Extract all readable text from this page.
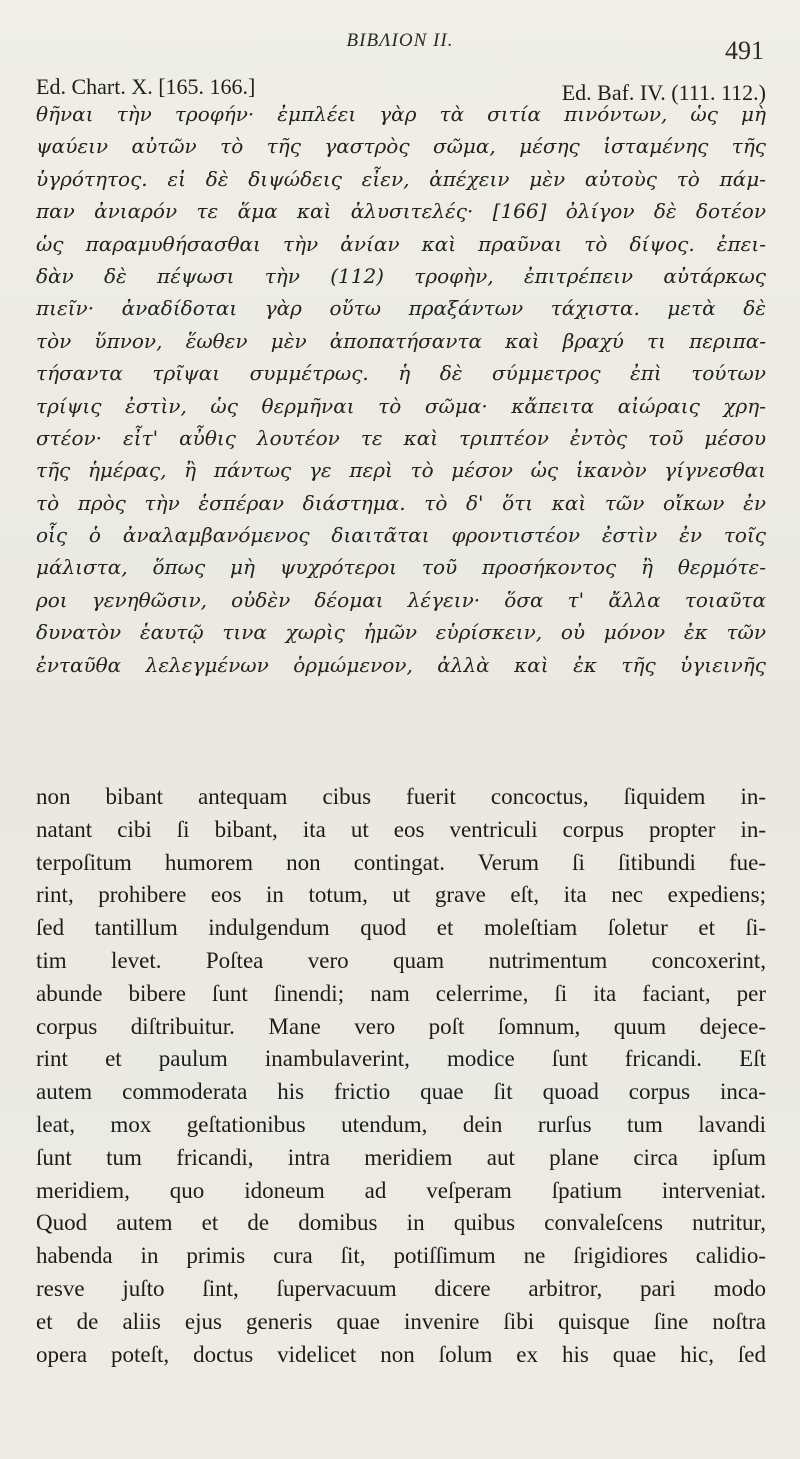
BIBΛΙΟΝ II.	491
Ed. Chart. X. [165. 166.]	Ed. Baf. IV. (111. 112.)
θῆναι τὴν τροφήν· ἐμπλέει γὰρ τὰ σιτία πινόντων, ὡς μὴ
ψαύειν αὐτῶν τὸ τῆς γαστρὸς σῶμα, μέσης ἱσταμένης τῆς
ὑγρότητος. εἰ δὲ διψώδεις εἶεν, ἀπέχειν μὲν αὐτοὺς τὸ πάμ-
παν ἀνιαρόν τε ἅμα καὶ ἀλυσιτελές· [166] ὀλίγον δὲ δοτέον
ὡς παραμυθήσασθαι τὴν ἀνίαν καὶ πραῦναι τὸ δίψος. ἐπει-
δὰν δὲ πέψωσι τὴν (112) τροφὴν, ἐπιτρέπειν αὐτάρκως
πιεῖν· ἀναδίδοται γὰρ οὕτω πραξάντων τάχιστα. μετὰ δὲ
τὸν ὕπνον, ἕωθεν μὲν ἀποπατήσαντα καὶ βραχύ τι περιπα-
τήσαντα τρῖψαι συμμέτρως. ἡ δὲ σύμμετρος ἐπὶ τούτων
τρίψις ἐστὶν, ὡς θερμῆναι τὸ σῶμα· κἄπειτα αἰώραις χρη-
στέον· εἶτ' αὖθις λουτέον τε καὶ τριπτέον ἐντὸς τοῦ μέσου
τῆς ἡμέρας, ἢ πάντως γε περὶ τὸ μέσον ὡς ἱκανὸν γίγνεσθαι
τὸ πρὸς τὴν ἑσπέραν διάστημα. τὸ δ' ὅτι καὶ τῶν οἴκων ἐν
οἷς ὁ ἀναλαμβανόμενος διαιτᾶται φροντιστέον ἐστὶν ἐν τοῖς
μάλιστα, ὅπως μὴ ψυχρότεροι τοῦ προσήκοντος ἢ θερμότε-
ροι γενηθῶσιν, οὐδὲν δέομαι λέγειν· ὅσα τ' ἄλλα τοιαῦτα
δυνατὸν ἑαυτῷ τινα χωρὶς ἡμῶν εὑρίσκειν, οὐ μόνον ἐκ τῶν
ἐνταῦθα λελεγμένων ὁρμώμενον, ἀλλὰ καὶ ἐκ τῆς ὑγιεινῆς
non bibant antequam cibus fuerit concoctus, ſiquidem in-
natant cibi ſi bibant, ita ut eos ventriculi corpus propter in-
terpoſitum humorem non contingat. Verum ſi ſitibundi fue-
rint, prohibere eos in totum, ut grave eſt, ita nec expediens;
ſed tantillum indulgendum quod et moleſtiam ſoletur et ſi-
tim levet. Poſtea vero quam nutrimentum concoxerint,
abunde bibere ſunt ſinendi; nam celerrime, ſi ita faciant, per
corpus diſtribuitur. Mane vero poſt ſomnum, quum dejece-
rint et paulum inambulaverint, modice ſunt fricandi. Eſt
autem commoderata his frictio quae ſit quoad corpus inca-
leat, mox geſtationibus utendum, dein rurſus tum lavandi
ſunt tum fricandi, intra meridiem aut plane circa ipſum
meridiem, quo idoneum ad veſperam ſpatium interveniat.
Quod autem et de domibus in quibus convaleſcens nutritur,
habenda in primis cura ſit, potiſſimum ne ſrigidiores calidio-
resve juſto ſint, ſupervacuum dicere arbitror, pari modo
et de aliis ejus generis quae invenire ſibi quisque ſine noſtra
opera poteſt, doctus videlicet non ſolum ex his quae hic, ſed
